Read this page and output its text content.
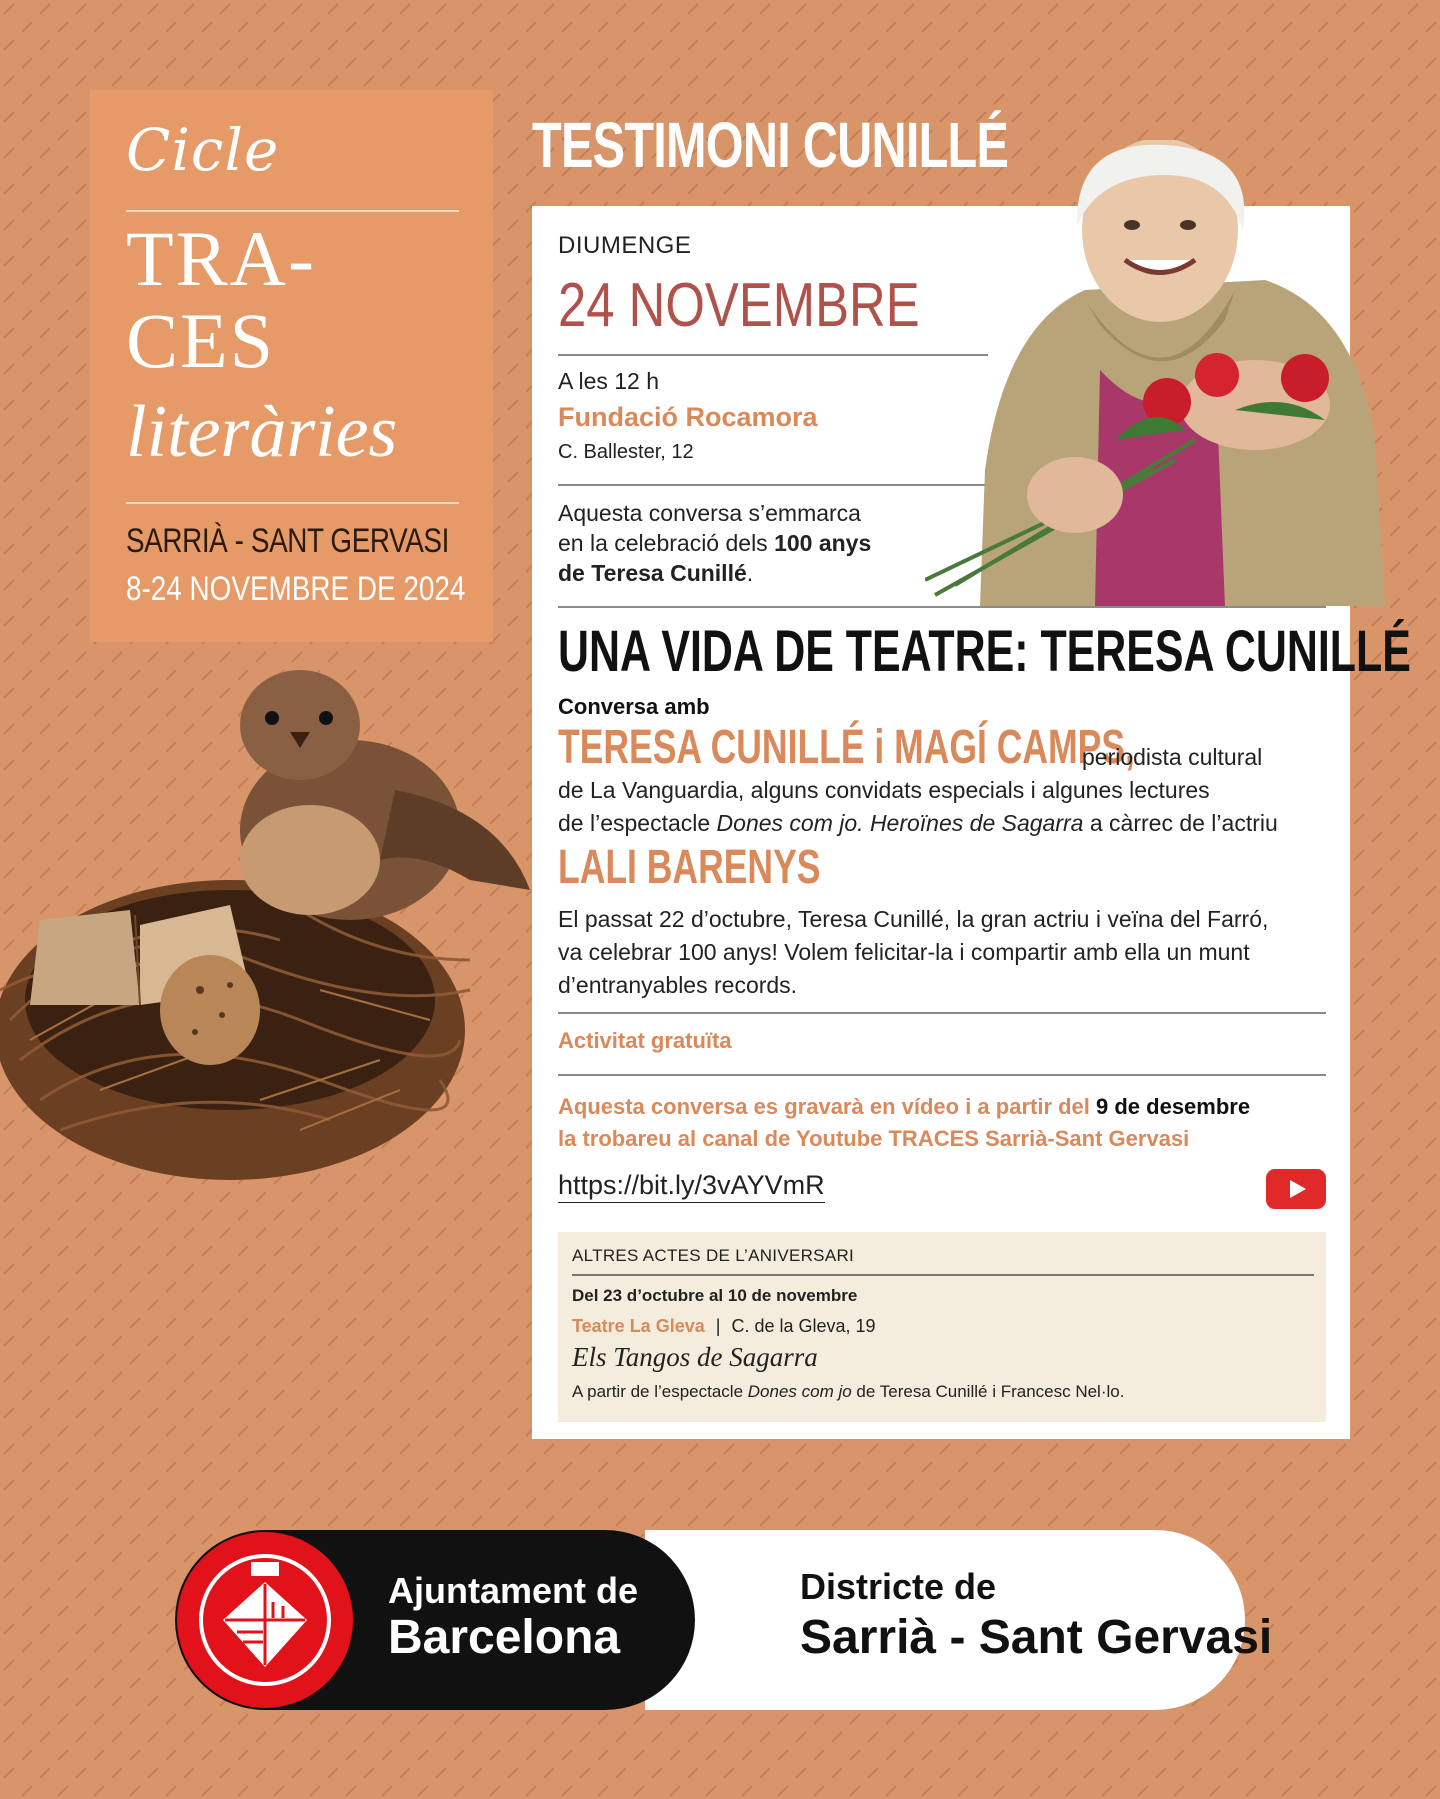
Cicle
TRA-
CES
literàries
SARRIÀ - SANT GERVASI
8-24 NOVEMBRE DE 2024
TESTIMONI CUNILLÉ
DIUMENGE
24 NOVEMBRE
A les 12 h
Fundació Rocamora
C. Ballester, 12
Aquesta conversa s’emmarca
en la celebració dels 100 anys
de Teresa Cunillé.
UNA VIDA DE TEATRE: TERESA CUNILLÉ
Conversa amb
TERESA CUNILLÉ i MAGÍ CAMPS,
periodista cultural
de La Vanguardia, alguns convidats especials i algunes lectures
de l’espectacle Dones com jo. Heroïnes de Sagarra a càrrec de l’actriu
LALI BARENYS
El passat 22 d’octubre, Teresa Cunillé, la gran actriu i veïna del Farró,
va celebrar 100 anys! Volem felicitar-la i compartir amb ella un munt
d’entranyables records.
Activitat gratuïta
Aquesta conversa es gravarà en vídeo i a partir del 9 de desembre
la trobareu al canal de Youtube TRACES Sarrià-Sant Gervasi
https://bit.ly/3vAYVmR
ALTRES ACTES DE L’ANIVERSARI
Del 23 d’octubre al 10 de novembre
Teatre La Gleva | C. de la Gleva, 19
Els Tangos de Sagarra
A partir de l’espectacle Dones com jo de Teresa Cunillé i Francesc Nel·lo.
Districte de
Sarrià - Sant Gervasi
Ajuntament de
Barcelona
